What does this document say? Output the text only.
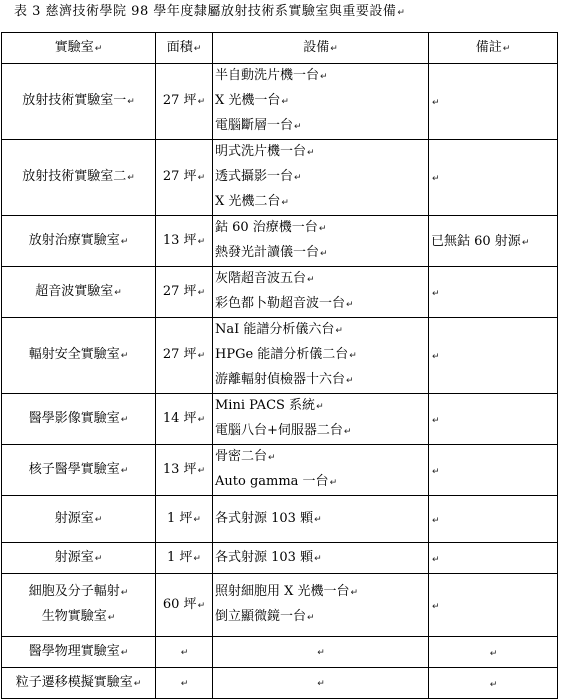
表 3 慈濟技術學院 98 學年度隸屬放射技術系實驗室與重要設備↵
實驗室↵	面積↵	設備↵	備註↵
放射技術實驗室一↵	27 坪↵	半自動洗片機一台↵
X 光機一台↵
電腦斷層一台↵	↵
放射技術實驗室二↵	27 坪↵	明式洗片機一台↵
透式攝影一台↵
X 光機二台↵	↵
放射治療實驗室↵	13 坪↵	鈷 60 治療機一台↵
熱發光計讀儀一台↵	已無鈷 60 射源↵
超音波實驗室↵	27 坪↵	灰階超音波五台↵
彩色都卜勒超音波一台↵	↵
輻射安全實驗室↵	27 坪↵	NaI 能譜分析儀六台↵
HPGe 能譜分析儀二台↵
游離輻射偵檢器十六台↵	↵
醫學影像實驗室↵	14 坪↵	Mini PACS 系統↵
電腦八台+伺服器二台↵	↵
核子醫學實驗室↵	13 坪↵	骨密二台↵
Auto gamma 一台↵	↵
射源室↵	1 坪↵	各式射源 103 顆↵	↵
射源室↵	1 坪↵	各式射源 103 顆↵	↵

細胞及分子輻射↵
生物實驗室↵	60 坪↵	照射細胞用 X 光機一台↵
倒立顯微鏡一台↵	↵
醫學物理實驗室↵	↵	↵	↵
粒子遷移模擬實驗室↵	↵	↵	↵
